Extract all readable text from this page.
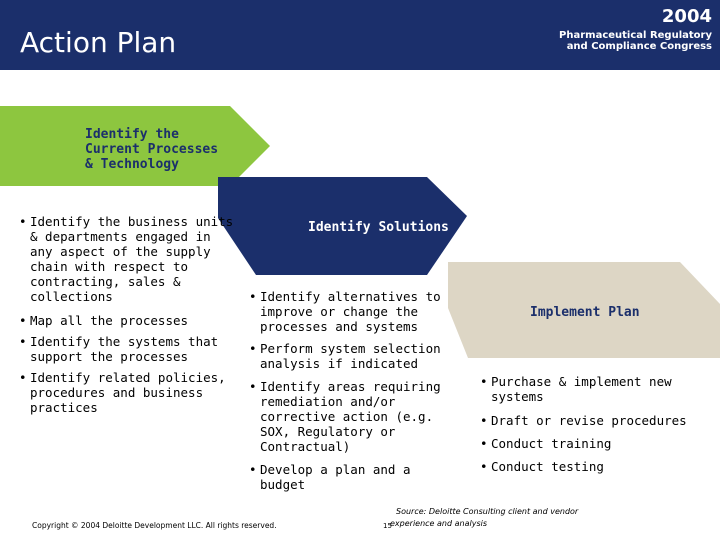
Action Plan
2004
Pharmaceutical Regulatory
and Compliance Congress
Identify the
Current Processes
& Technology
• Identify the business units
& departments engaged in
any aspect of the supply
chain with respect to
contracting, sales &
collections
• Map all the processes
• Identify the systems that
support the processes
• Identify related policies,
procedures and business
practices
Identify Solutions
• Identify alternatives to
improve or change the
processes and systems
• Perform system selection
analysis if indicated
• Identify areas requiring
remediation and/or
corrective action (e.g.
SOX, Regulatory or
Contractual)
• Develop a plan and a
budget
Implement Plan
• Purchase & implement new
systems
• Draft or revise procedures
• Conduct training
• Conduct testing
Copyright © 2004 Deloitte Development LLC. All rights reserved.	15
Source: Deloitte Consulting client and vendor
experience and analysis
